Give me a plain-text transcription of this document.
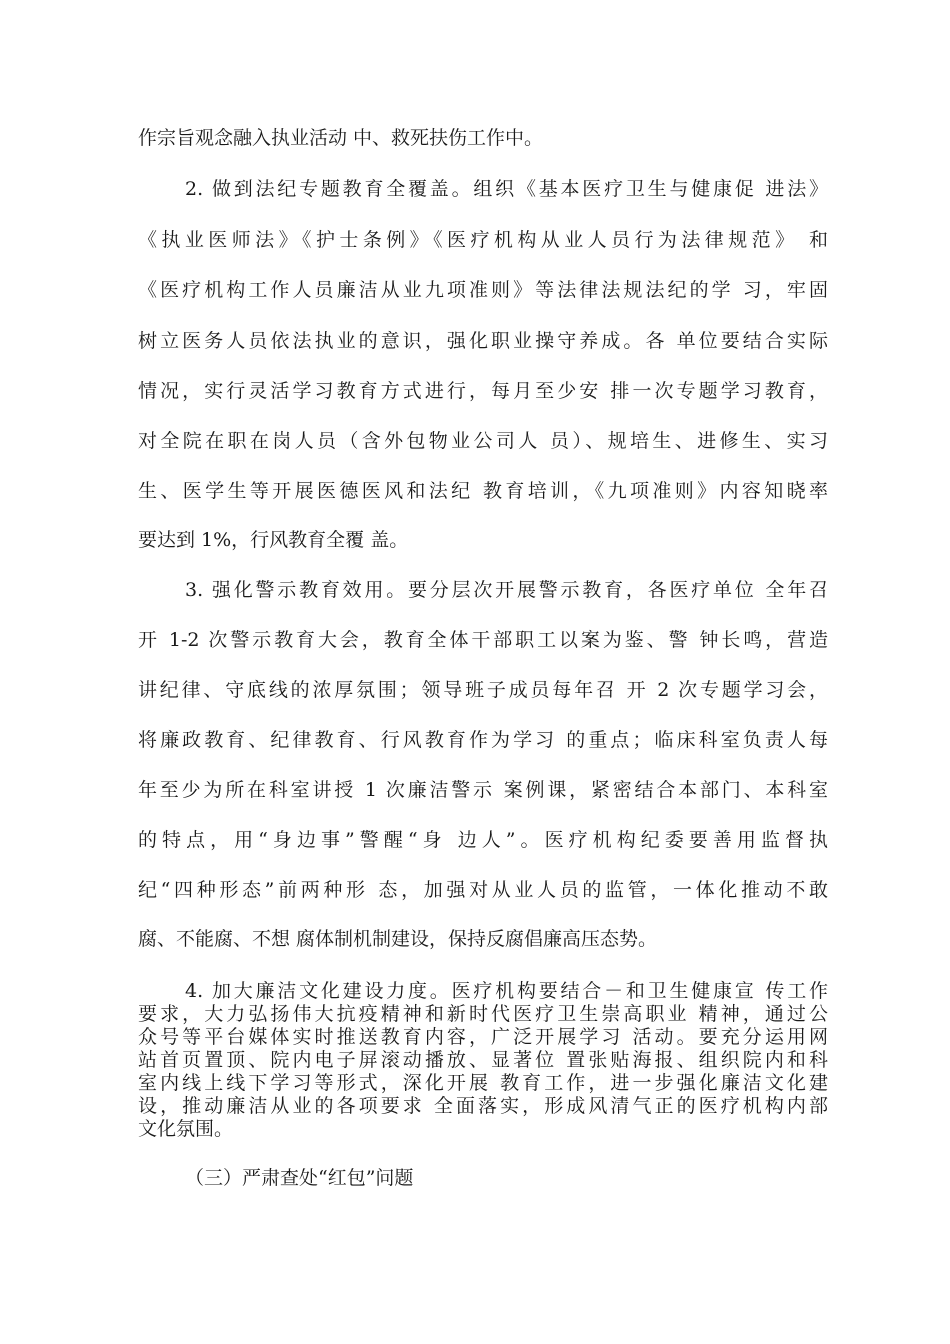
作宗旨观念融入执业活动 中、救死扶伤工作中。
2. 做到法纪专题教育全覆盖。组织《基本医疗卫生与健康促 进法》
《执业医师法》《护士条例》《医疗机构从业人员行为法律规范》 和
《医疗机构工作人员廉洁从业九项准则》等法律法规法纪的学 习，牢固
树立医务人员依法执业的意识，强化职业操守养成。各 单位要结合实际
情况，实行灵活学习教育方式进行，每月至少安 排一次专题学习教育，
对全院在职在岗人员（含外包物业公司人 员）、规培生、进修生、实习
生、医学生等开展医德医风和法纪 教育培训，《九项准则》内容知晓率
要达到 1%，行风教育全覆 盖。
3. 强化警示教育效用。要分层次开展警示教育，各医疗单位 全年召
开 1-2 次警示教育大会，教育全体干部职工以案为鉴、警 钟长鸣，营造
讲纪律、守底线的浓厚氛围；领导班子成员每年召 开 2 次专题学习会，
将廉政教育、纪律教育、行风教育作为学习 的重点；临床科室负责人每
年至少为所在科室讲授 1 次廉洁警示 案例课，紧密结合本部门、本科室
的特点，用“身边事”警醒“身 边人”。医疗机构纪委要善用监督执
纪“四种形态”前两种形 态，加强对从业人员的监管，一体化推动不敢
腐、不能腐、不想 腐体制机制建设，保持反腐倡廉高压态势。
4. 加大廉洁文化建设力度。医疗机构要结合－和卫生健康宣 传工作
要求，大力弘扬伟大抗疫精神和新时代医疗卫生崇高职业 精神，通过公
众号等平台媒体实时推送教育内容，广泛开展学习 活动。要充分运用网
站首页置顶、院内电子屏滚动播放、显著位 置张贴海报、组织院内和科
室内线上线下学习等形式，深化开展 教育工作，进一步强化廉洁文化建
设，推动廉洁从业的各项要求 全面落实，形成风清气正的医疗机构内部
文化氛围。
（三）严肃查处“红包”问题
